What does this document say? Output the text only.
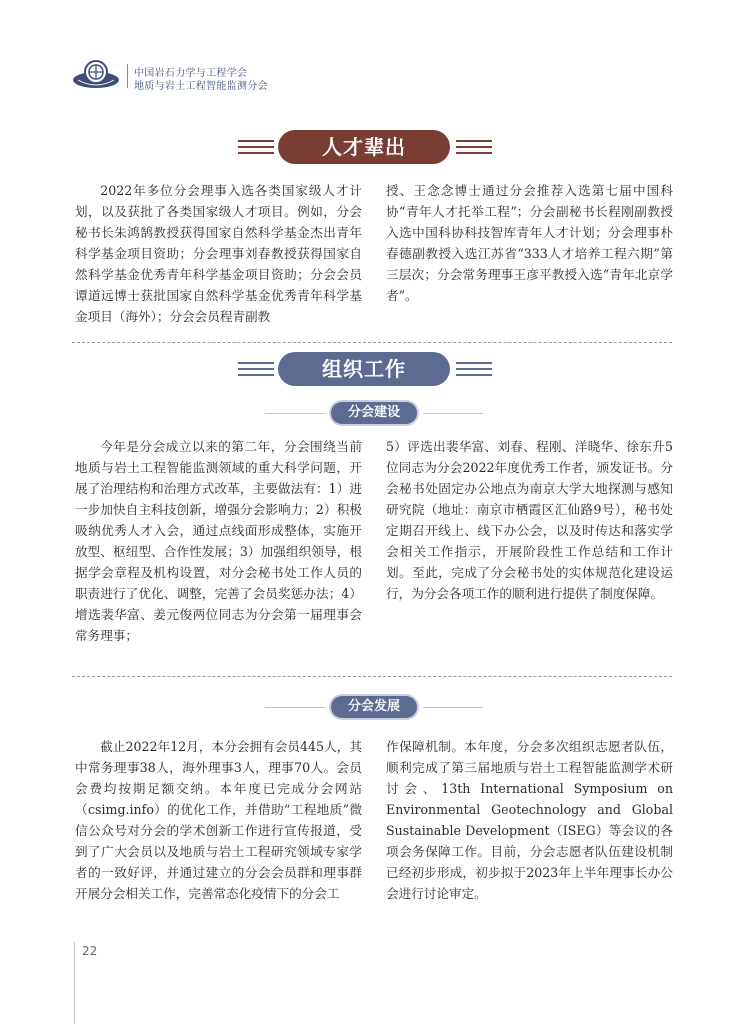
中国岩石力学与工程学会
地质与岩土工程智能监测分会
人才辈出

2022年多位分会理事入选各类国家级人才计划，以及获批了各类国家级人才项目。例如，分会秘书长朱鸿鹄教授获得国家自然科学基金杰出青年科学基金项目资助；分会理事刘春教授获得国家自然科学基金优秀青年科学基金项目资助；分会会员谭道远博士获批国家自然科学基金优秀青年科学基金项目（海外）；分会会员程青副教

授、王念念博士通过分会推荐入选第七届中国科协“青年人才托举工程”；分会副秘书长程刚副教授入选中国科协科技智库青年人才计划；分会理事朴春德副教授入选江苏省“333人才培养工程六期”第三层次；分会常务理事王彦平教授入选“青年北京学者”。

组织工作
分会建设

今年是分会成立以来的第二年，分会围绕当前地质与岩土工程智能监测领域的重大科学问题，开展了治理结构和治理方式改革，主要做法有：1）进一步加快自主科技创新，增强分会影响力；2）积极吸纳优秀人才入会，通过点线面形成整体，实施开放型、枢纽型、合作性发展；3）加强组织领导，根据学会章程及机构设置，对分会秘书处工作人员的职责进行了优化、调整，完善了会员奖惩办法；4）增选裴华富、姜元俊两位同志为分会第一届理事会常务理事；

5）评选出裴华富、刘春、程刚、洋晓华、徐东升5位同志为分会2022年度优秀工作者，颁发证书。分会秘书处固定办公地点为南京大学大地探测与感知研究院（地址：南京市栖霞区汇仙路9号），秘书处定期召开线上、线下办公会，以及时传达和落实学会相关工作指示，开展阶段性工作总结和工作计划。至此，完成了分会秘书处的实体规范化建设运行，为分会各项工作的顺利进行提供了制度保障。

分会发展

截止2022年12月，本分会拥有会员445人，其中常务理事38人，海外理事3人，理事70人。会员会费均按期足额交纳。本年度已完成分会网站（csimg.info）的优化工作，并借助“工程地质”微信公众号对分会的学术创新工作进行宣传报道，受到了广大会员以及地质与岩土工程研究领域专家学者的一致好评，并通过建立的分会会员群和理事群开展分会相关工作，完善常态化疫情下的分会工

作保障机制。本年度，分会多次组织志愿者队伍，顺利完成了第三届地质与岩土工程智能监测学术研讨会、13th International Symposium on Environmental Geotechnology and Global Sustainable Development（ISEG）等会议的各项会务保障工作。目前，分会志愿者队伍建设机制已经初步形成，初步拟于2023年上半年理事长办公会进行讨论审定。

22
